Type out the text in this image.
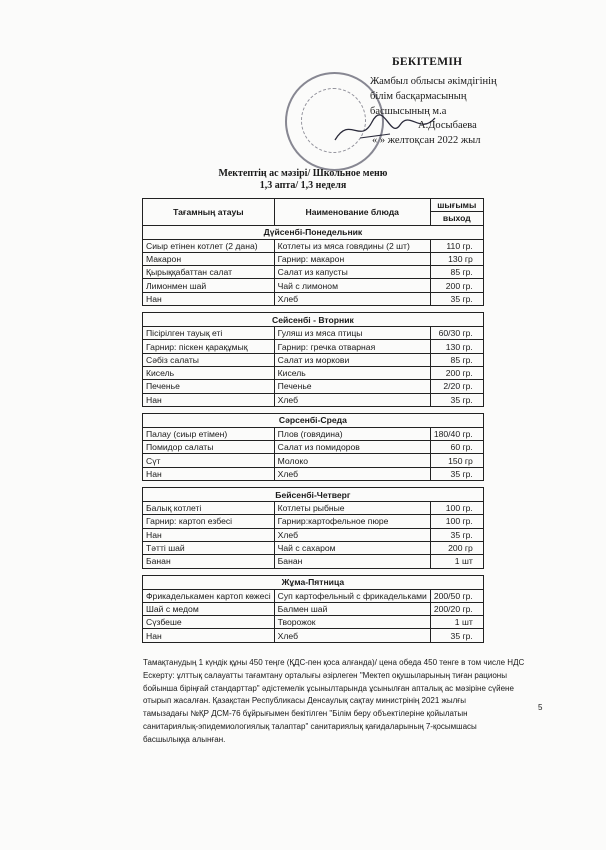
БЕКІТЕМІН
Жамбыл облысы әкімдігінің
білім басқармасының
басшысының м.а
А.Досыбаева
« » желтоқсан 2022 жыл
Мектептің ас мәзірі/ Школьное меню
1,3 апта/ 1,3 неделя
Тағамның атауы	Наименование блюда	шығымы
		выход
Дүйсенбі-Понедельник		
Сиыр етінен котлет (2 дана)	Котлеты из мяса говядины (2 шт)	110 гр.
Макарон	Гарнир: макарон	130 гр
Қырыққабаттан салат	Салат из капусты	85 гр.
Лимонмен шай	Чай с лимоном	200 гр.
Нан	Хлеб	35 гр.

Сейсенбі - Вторник		
Пісірілген тауық еті	Гуляш из мяса птицы	60/30 гр.
Гарнир: піскен қарақұмық	Гарнир: гречка отварная	130 гр.
Сәбіз салаты	Салат из моркови	85 гр.
Кисель	Кисель	200 гр.
Печенье	Печенье	2/20 гр.
Нан	Хлеб	35 гр.

Сәрсенбі-Среда		
Палау (сиыр етімен)	Плов (говядина)	180/40 гр.
Помидор салаты	Салат из помидоров	60 гр.
Сүт	Молоко	150 гр
Нан	Хлеб	35 гр.

Бейсенбі-Четверг		
Балық котлеті	Котлеты рыбные	100 гр.
Гарнир: картоп езбесі	Гарнир:картофельное пюре	100 гр.
Нан	Хлеб	35 гр.
Тәтті шай	Чай с сахаром	200 гр
Банан	Банан	1 шт

Жұма-Пятница		
Фрикаделькамен картоп көжесі	Суп картофельный с фрикадельками	200/50 гр.
Шай с медом	Балмен шай	200/20 гр.
Сүзбеше	Творожок	1 шт
Нан	Хлеб	35 гр.

Тамақтанудың 1 күндік құны 450 теңге (ҚДС-пен қоса алғанда)/ цена обеда 450 тенге в том числе НДС

Ескерту: ұлттық салауатты тағамтану орталығы әзірлеген "Мектеп оқушыларының тиған рационы

бойынша біріңғай стандарттар" әдістемелік ұсынылтарында ұсынылған апталық ас мәзіріне сүйене

отырып жасалған. Қазақстан Республикасы Денсаулық сақтау министрінің 2021 жылғы

тамызадағы №ҚР ДСМ-76 бұйрығымен бекітілген "Білім беру объектілеріне қойылатын

санитариялық-эпидемиологиялық талаптар" санитариялық қағидаларының 7-қосымшасы

басшылыққа алынған.

5
